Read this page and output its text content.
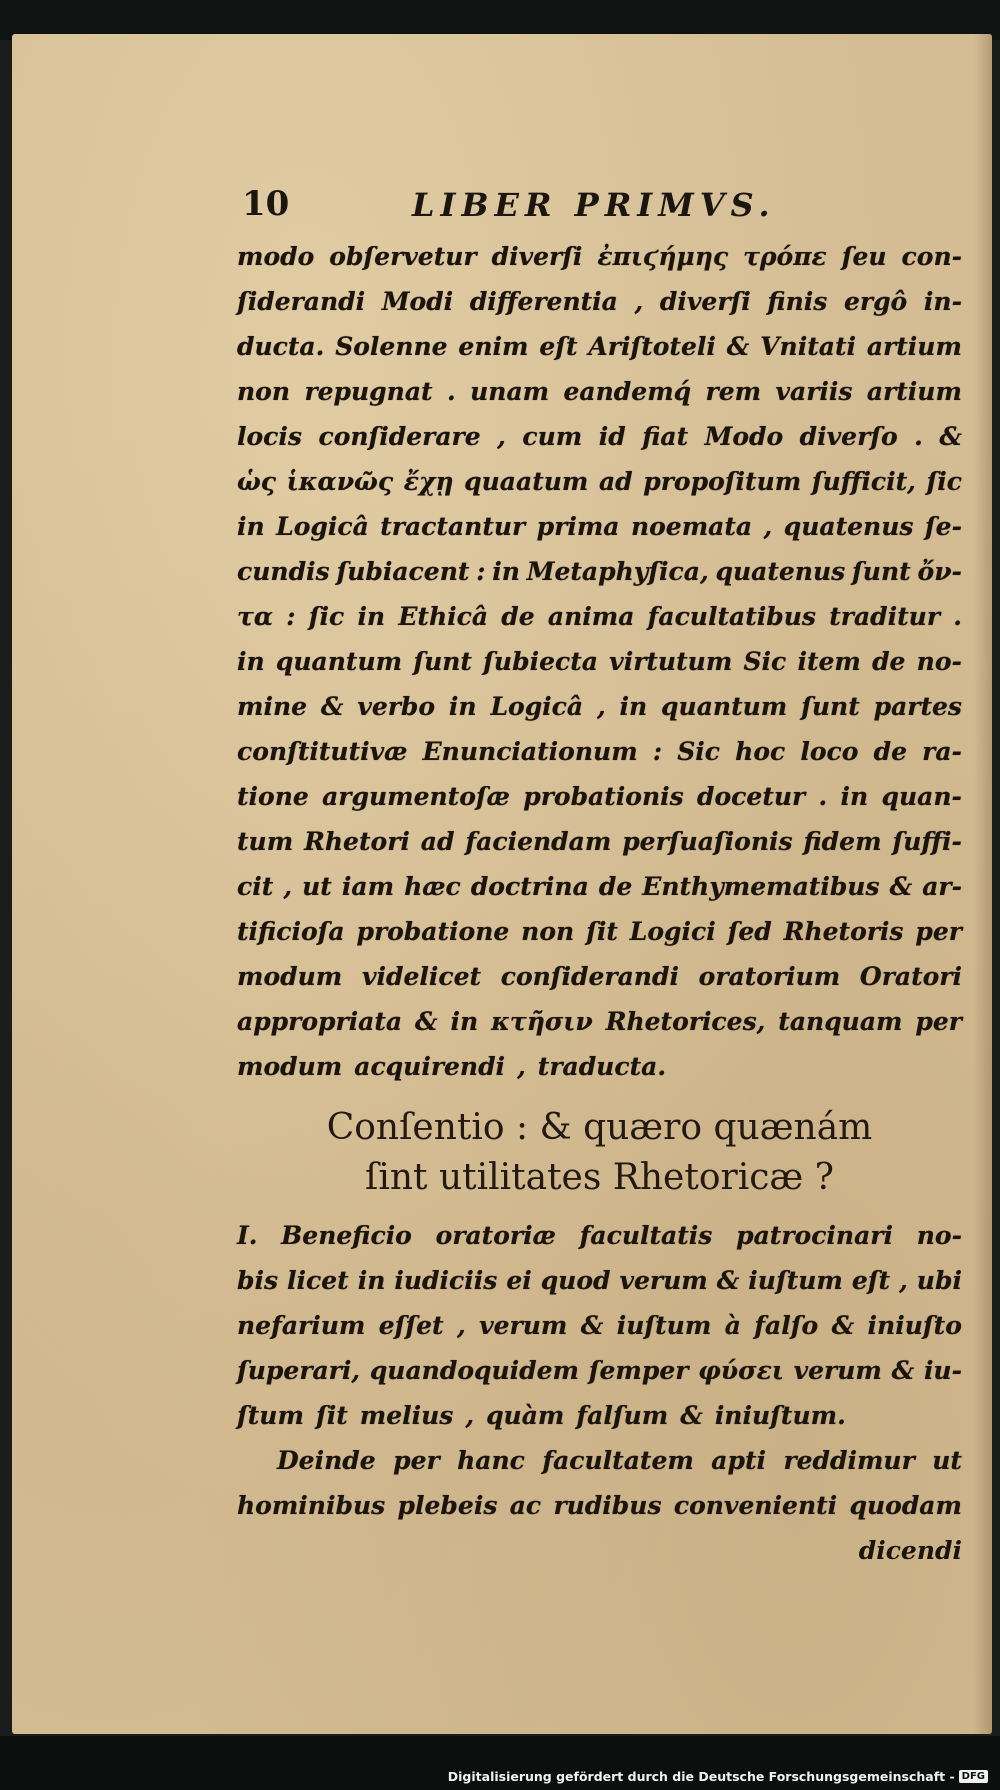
10	LIBER PRIMVS.
modo obſervetur diverſi ἐπιϛήμης τρόπε ſeu con-
ſiderandi Modi differentia , diverſi finis ergô in-
ducta. Solenne enim eſt Ariſtoteli & Vnitati artium
non repugnat . unam eandemq́ rem variis artium
locis conſiderare , cum id fiat Modo diverſo . &
ὡς ἱκανῶς ἔχῃ quaatum ad propoſitum ſufficit, ſic
in Logicâ tractantur prima noemata , quatenus ſe-
cundis ſubiacent : in Metaphyſica, quatenus ſunt ὄν-
τα : ſic in Ethicâ de anima facultatibus traditur .
in quantum ſunt ſubiecta virtutum Sic item de no-
mine & verbo in Logicâ , in quantum ſunt partes
conſtitutivæ Enunciationum : Sic hoc loco de ra-
tione argumentoſæ probationis docetur . in quan-
tum Rhetori ad faciendam perſuaſionis fidem ſuffi-
cit , ut iam hæc doctrina de Enthymematibus & ar-
tificioſa probatione non ſit Logici ſed Rhetoris per
modum videlicet conſiderandi oratorium Oratori
appropriata & in κτῆσιν Rhetorices, tanquam per
modum acquirendi , traducta.
Conſentio : & quæro quænám
ſint utilitates Rhetoricæ ?
I. Beneficio oratoriæ facultatis patrocinari no-
bis licet in iudiciis ei quod verum & iuſtum eſt , ubi
nefarium eſſet , verum & iuſtum à falſo & iniuſto
ſuperari, quandoquidem ſemper φύσει verum & iu-
ſtum ſit melius , quàm falſum & iniuſtum.
Deinde per hanc facultatem apti reddimur ut
hominibus plebeis ac rudibus convenienti quodam
dicendi
Digitalisierung gefördert durch die Deutsche Forschungsgemeinschaft - DFG
